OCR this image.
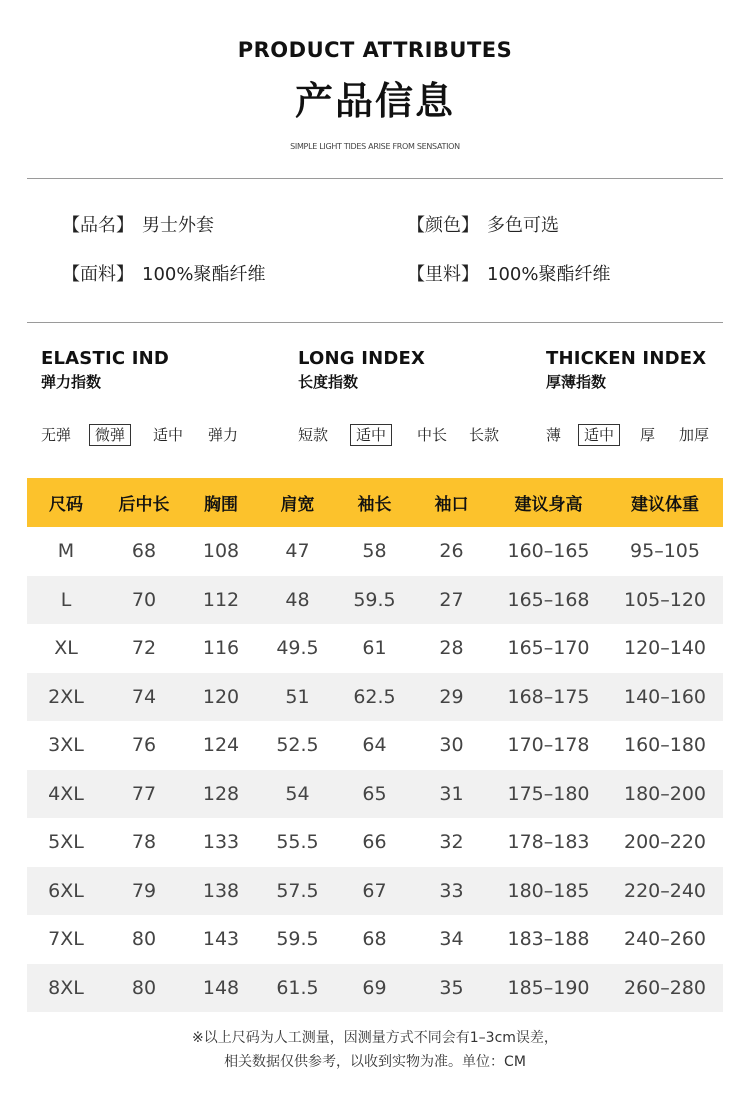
PRODUCT ATTRIBUTES
产品信息
SIMPLE LIGHT TIDES ARISE FROM SENSATION
【品名】 男士外套	【颜色】 多色可选
【面料】 100%聚酯纤维	【里料】 100%聚酯纤维
ELASTIC IND
弹力指数
LONG INDEX
长度指数
THICKEN INDEX
厚薄指数
无弹	微弹	适中 弹力	短款	适中	中长 长款	薄	适中	厚 加厚
尺码	后中长	胸围	肩宽	袖长	袖口	建议身高	建议体重
M	68	108	47	58	26	160–165	95–105
L	70	112	48	59.5	27	165–168	105–120
XL	72	116	49.5	61	28	165–170	120–140
2XL	74	120	51	62.5	29	168–175	140–160
3XL	76	124	52.5	64	30	170–178	160–180
4XL	77	128	54	65	31	175–180	180–200
5XL	78	133	55.5	66	32	178–183	200–220
6XL	79	138	57.5	67	33	180–185	220–240
7XL	80	143	59.5	68	34	183–188	240–260
8XL	80	148	61.5	69	35	185–190	260–280
※以上尺码为人工测量，因测量方式不同会有1–3cm误差，
相关数据仅供参考，以收到实物为准。单位：CM
